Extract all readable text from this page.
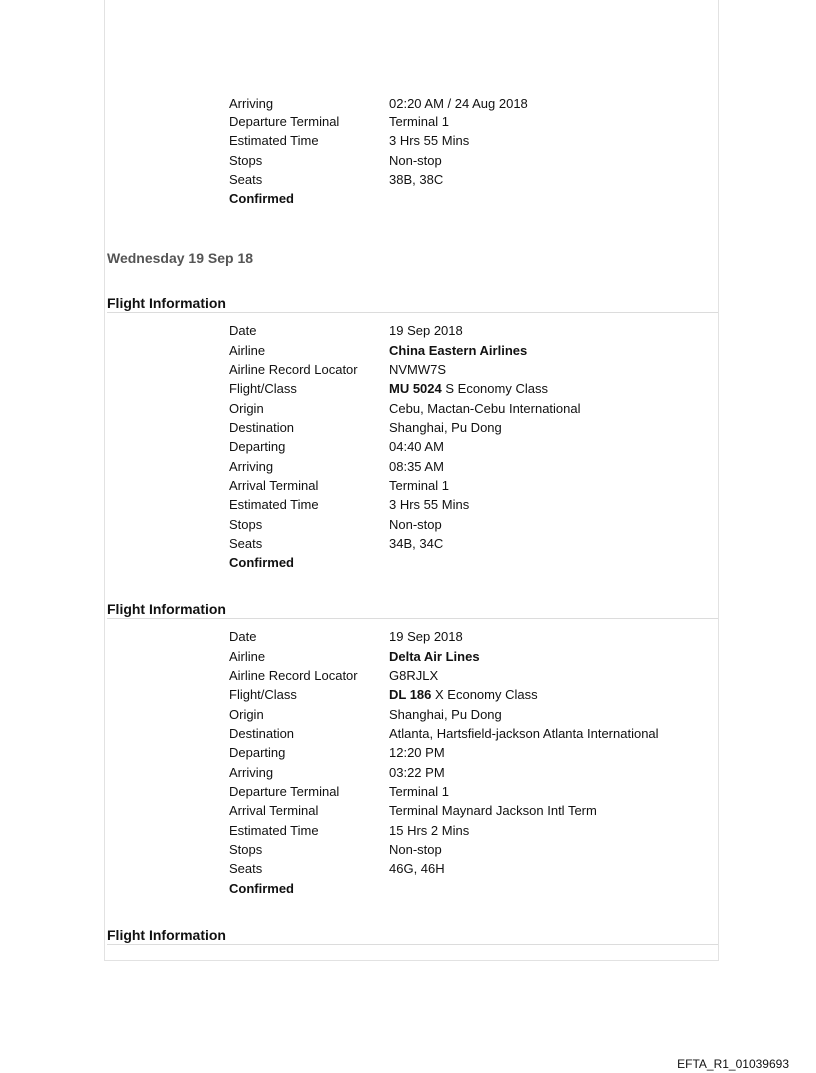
Arriving	02:20 AM / 24 Aug 2018
Departure Terminal	Terminal 1
Estimated Time	3 Hrs 55 Mins
Stops	Non-stop
Seats	38B, 38C
Confirmed
Wednesday 19 Sep 18
Flight Information
Date	19 Sep 2018
Airline	China Eastern Airlines
Airline Record Locator	NVMW7S
Flight/Class	MU 5024 S Economy Class
Origin	Cebu, Mactan-Cebu International
Destination	Shanghai, Pu Dong
Departing	04:40 AM
Arriving	08:35 AM
Arrival Terminal	Terminal 1
Estimated Time	3 Hrs 55 Mins
Stops	Non-stop
Seats	34B, 34C
Confirmed
Flight Information
Date	19 Sep 2018
Airline	Delta Air Lines
Airline Record Locator	G8RJLX
Flight/Class	DL 186 X Economy Class
Origin	Shanghai, Pu Dong
Destination	Atlanta, Hartsfield-jackson Atlanta International
Departing	12:20 PM
Arriving	03:22 PM
Departure Terminal	Terminal 1
Arrival Terminal	Terminal Maynard Jackson Intl Term
Estimated Time	15 Hrs 2 Mins
Stops	Non-stop
Seats	46G, 46H
Confirmed
Flight Information
EFTA_R1_01039693
